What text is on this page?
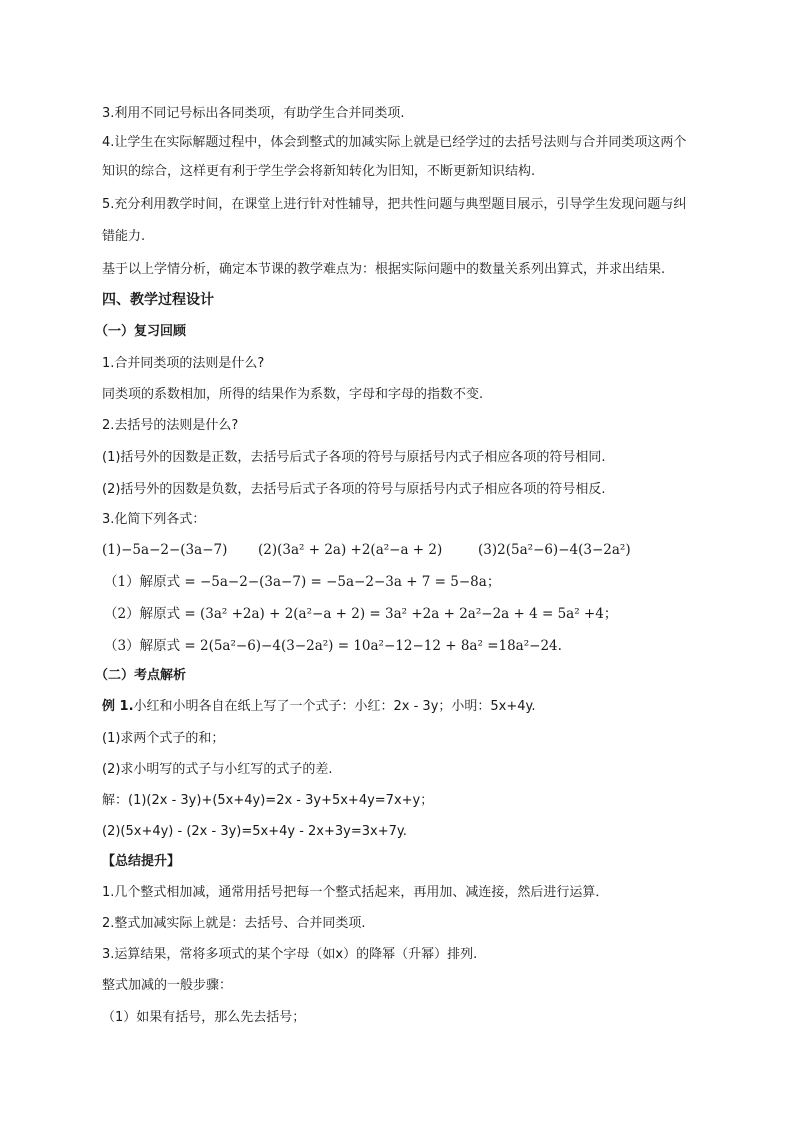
3.利用不同记号标出各同类项，有助学生合并同类项.
4.让学生在实际解题过程中，体会到整式的加减实际上就是已经学过的去括号法则与合并同类项这两个
知识的综合，这样更有利于学生学会将新知转化为旧知，不断更新知识结构.
5.充分利用教学时间，在课堂上进行针对性辅导，把共性问题与典型题目展示，引导学生发现问题与纠
错能力.
基于以上学情分析，确定本节课的教学难点为：根据实际问题中的数量关系列出算式，并求出结果.
四、教学过程设计
（一）复习回顾
1.合并同类项的法则是什么?
同类项的系数相加，所得的结果作为系数，字母和字母的指数不变.
2.去括号的法则是什么?
(1)括号外的因数是正数，去括号后式子各项的符号与原括号内式子相应各项的符号相同.
(2)括号外的因数是负数，去括号后式子各项的符号与原括号内式子相应各项的符号相反.
3.化简下列各式：
(1)−5a−2−(3a−7) (2)(3a² + 2a) +2(a²−a + 2)	(3)2(5a²−6)−4(3−2a²)
（1）解原式 = −5a−2−(3a−7) = −5a−2−3a + 7 = 5−8a；
（2）解原式 = (3a² +2a) + 2(a²−a + 2) = 3a² +2a + 2a²−2a + 4 = 5a² +4；
（3）解原式 = 2(5a²−6)−4(3−2a²) = 10a²−12−12 + 8a² =18a²−24.
（二）考点解析
例 1.小红和小明各自在纸上写了一个式子：小红：2x - 3y；小明：5x+4y.
(1)求两个式子的和；
(2)求小明写的式子与小红写的式子的差.
解：(1)(2x - 3y)+(5x+4y)=2x - 3y+5x+4y=7x+y；
(2)(5x+4y) - (2x - 3y)=5x+4y - 2x+3y=3x+7y.
【总结提升】
1.几个整式相加减，通常用括号把每一个整式括起来，再用加、减连接，然后进行运算．
2.整式加减实际上就是：去括号、合并同类项.
3.运算结果，常将多项式的某个字母（如x）的降幂（升幂）排列.
整式加减的一般步骤：
（1）如果有括号，那么先去括号；
